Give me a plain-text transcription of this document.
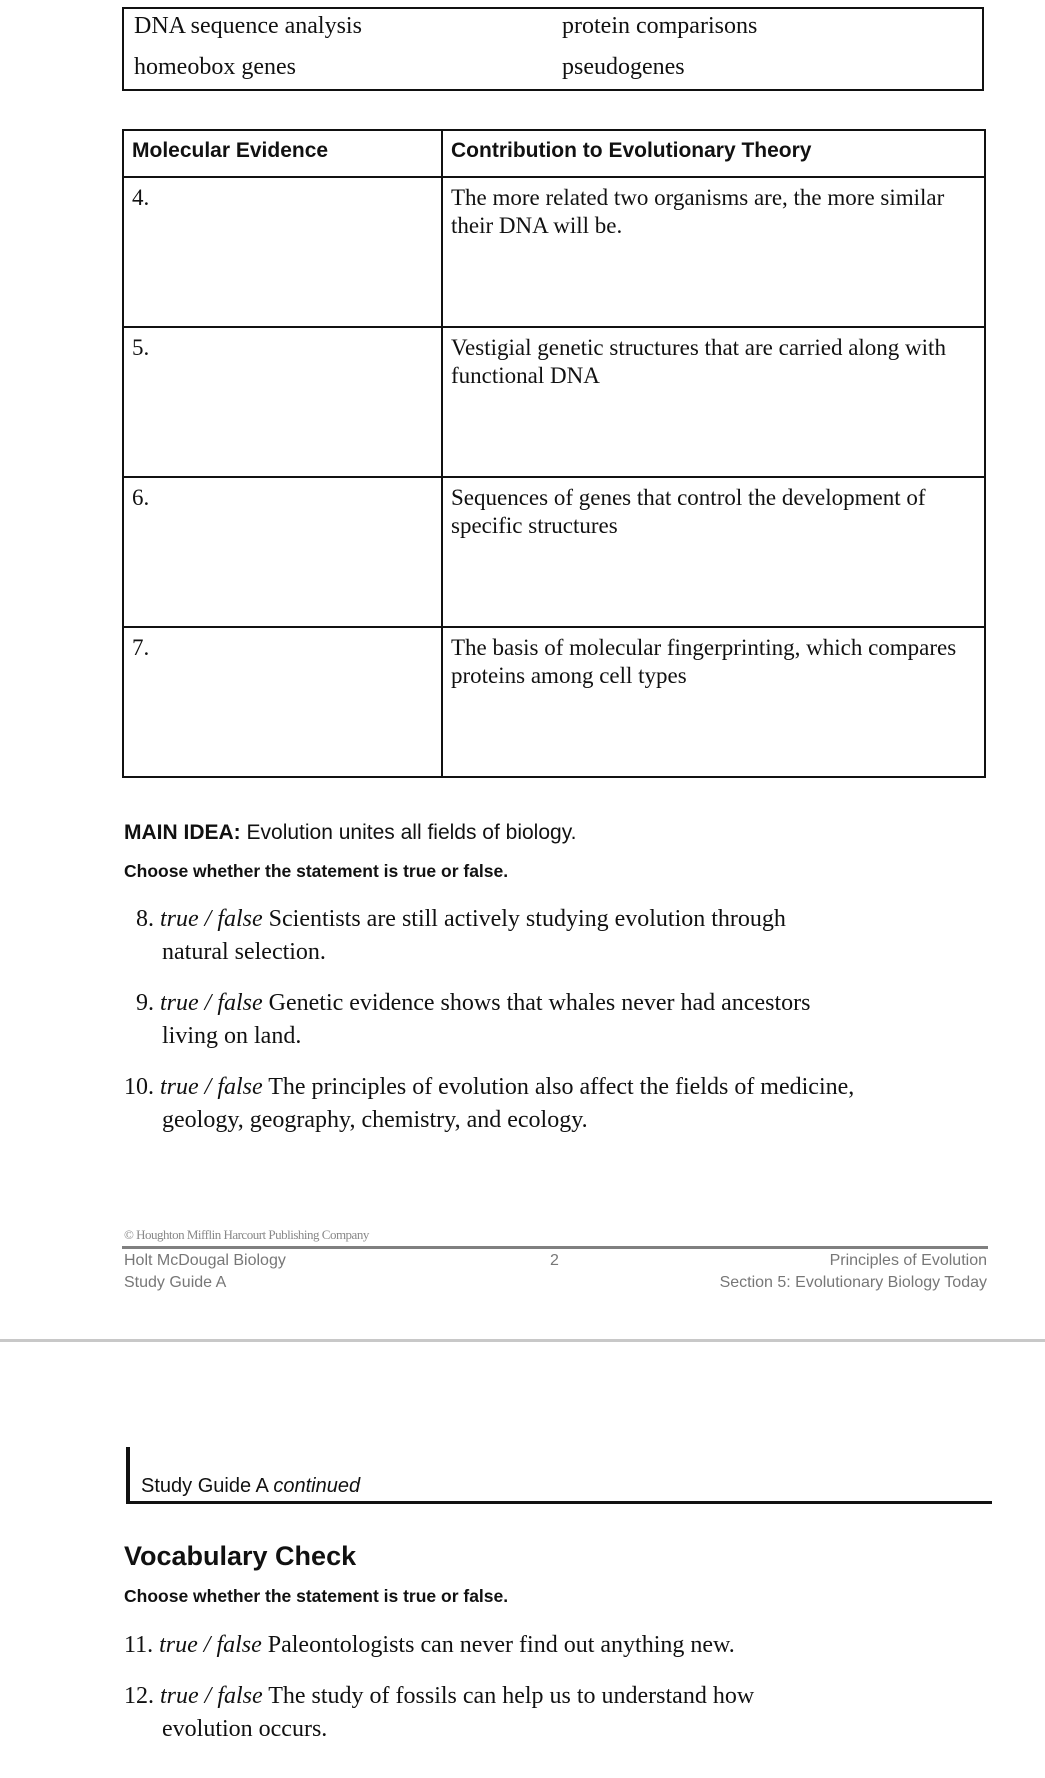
DNA sequence analysis	protein comparisons
homeobox genes	pseudogenes
Molecular Evidence	Contribution to Evolutionary Theory
4.	The more related two organisms are, the more similar their DNA will be.
5.	Vestigial genetic structures that are carried along with functional DNA
6.	Sequences of genes that control the development of specific structures
7.	The basis of molecular fingerprinting, which compares proteins among cell types
MAIN IDEA: Evolution unites all fields of biology.
Choose whether the statement is true or false.
8. true / false Scientists are still actively studying evolution through
natural selection.
9. true / false Genetic evidence shows that whales never had ancestors
living on land.
10. true / false The principles of evolution also affect the fields of medicine,
geology, geography, chemistry, and ecology.
© Houghton Mifflin Harcourt Publishing Company
Holt McDougal Biology
Study Guide A
2	Principles of Evolution
Section 5: Evolutionary Biology Today
Study Guide A continued
Vocabulary Check
Choose whether the statement is true or false.
11. true / false Paleontologists can never find out anything new.
12. true / false The study of fossils can help us to understand how
evolution occurs.
